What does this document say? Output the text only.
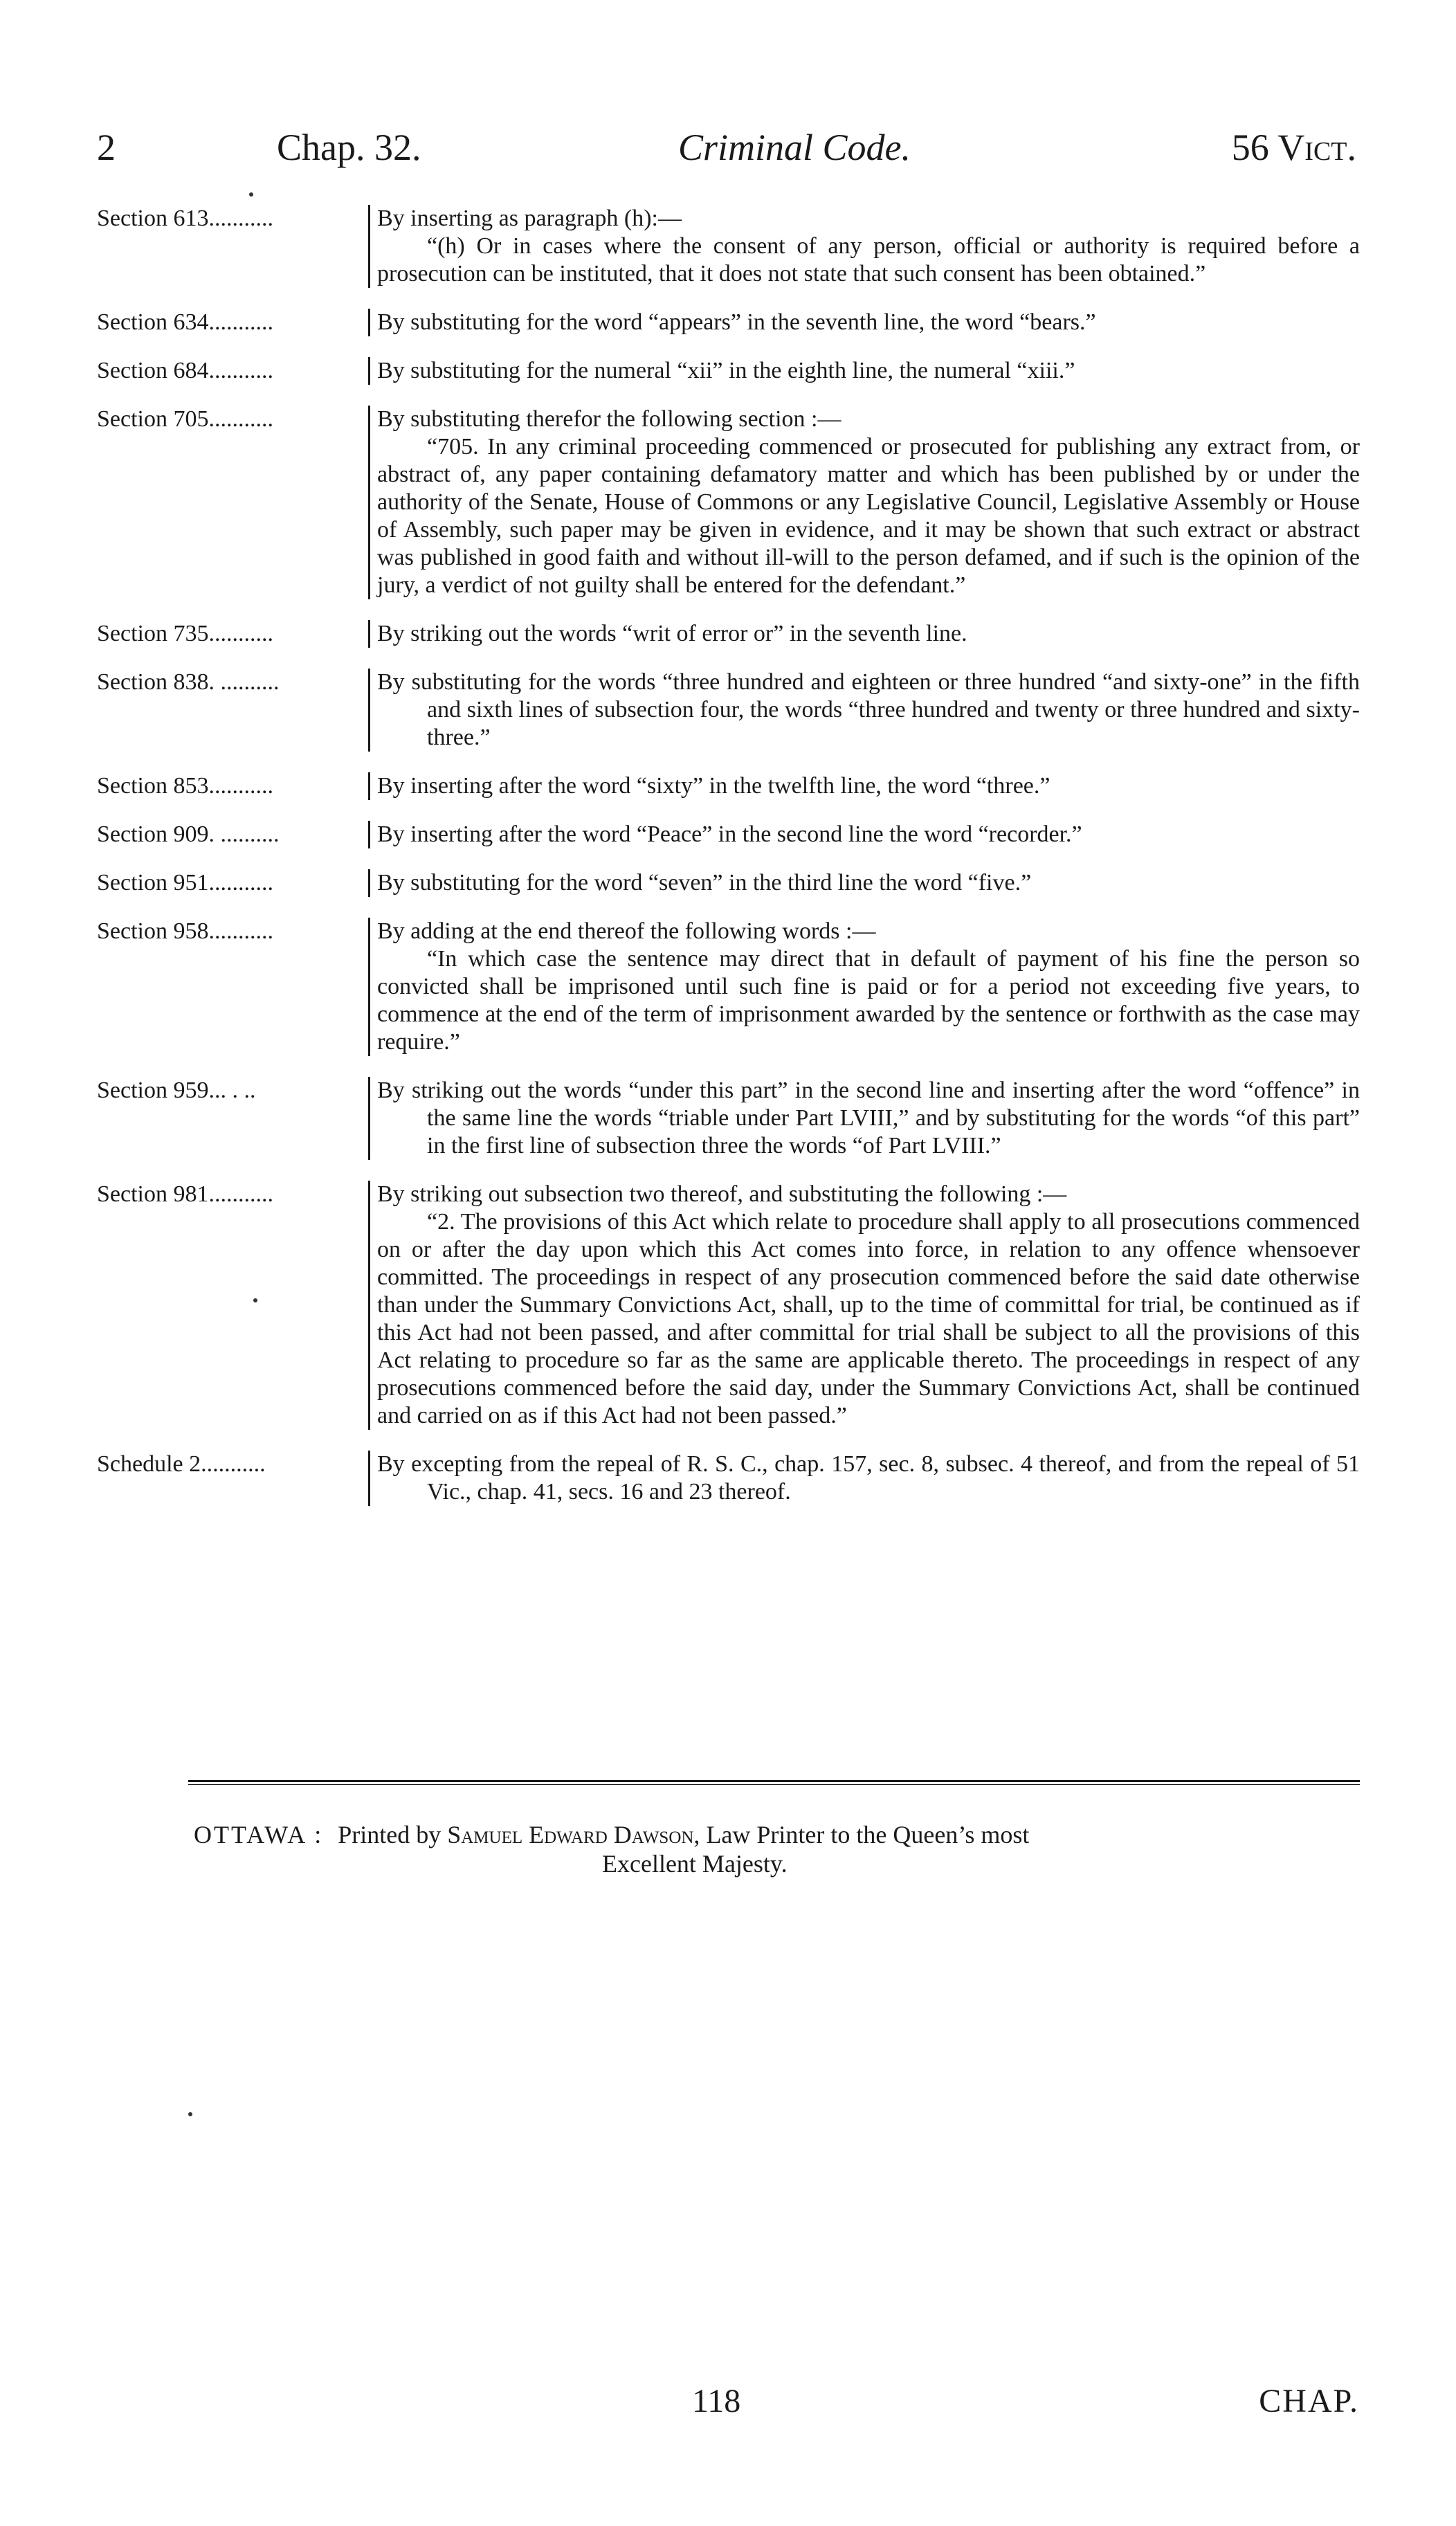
2	Chap. 32.	Criminal Code.	56 Vict.
Section 613...........	By inserting as paragraph (h):—

“(h) Or in cases where the consent of any person, official or authority is required before a prosecution can be instituted, that it does not state that such consent has been obtained.”

Section 634...........	By substituting for the word “appears” in the seventh line, the word “bears.”

Section 684...........	By substituting for the numeral “xii” in the eighth line, the numeral “xiii.”

Section 705...........	By substituting therefor the following section :—

“705. In any criminal proceeding commenced or prosecuted for publishing any extract from, or abstract of, any paper containing defamatory matter and which has been published by or under the authority of the Senate, House of Commons or any Legislative Council, Legislative Assembly or House of Assembly, such paper may be given in evidence, and it may be shown that such extract or abstract was published in good faith and without ill-will to the person defamed, and if such is the opinion of the jury, a verdict of not guilty shall be entered for the defendant.”

Section 735...........	By striking out the words “writ of error or” in the seventh line.

Section 838. ..........	By substituting for the words “three hundred and eighteen or three hundred “and sixty-one” in the fifth and sixth lines of subsection four, the words “three hundred and twenty or three hundred and sixty-three.”

Section 853...........	By inserting after the word “sixty” in the twelfth line, the word “three.”

Section 909. ..........	By inserting after the word “Peace” in the second line the word “recorder.”

Section 951...........	By substituting for the word “seven” in the third line the word “five.”

Section 958...........	By adding at the end thereof the following words :—

“In which case the sentence may direct that in default of payment of his fine the person so convicted shall be imprisoned until such fine is paid or for a period not exceeding five years, to commence at the end of the term of imprisonment awarded by the sentence or forthwith as the case may require.”

Section 959... . ..	By striking out the words “under this part” in the second line and inserting after the word “offence” in the same line the words “triable under Part LVIII,” and by substituting for the words “of this part” in the first line of subsection three the words “of Part LVIII.”

Section 981...........	By striking out subsection two thereof, and substituting the following :—

“2. The provisions of this Act which relate to procedure shall apply to all prosecutions commenced on or after the day upon which this Act comes into force, in relation to any offence whensoever committed. The proceedings in respect of any prosecution commenced before the said date otherwise than under the Summary Convictions Act, shall, up to the time of committal for trial, be continued as if this Act had not been passed, and after committal for trial shall be subject to all the provisions of this Act relating to procedure so far as the same are applicable thereto. The proceedings in respect of any prosecutions commenced before the said day, under the Summary Convictions Act, shall be continued and carried on as if this Act had not been passed.”

Schedule 2...........	By excepting from the repeal of R. S. C., chap. 157, sec. 8, subsec. 4 thereof, and from the repeal of 51 Vic., chap. 41, secs. 16 and 23 thereof.

OTTAWA : Printed by Samuel Edward Dawson, Law Printer to the Queen’s most
Excellent Majesty.
118	CHAP.
